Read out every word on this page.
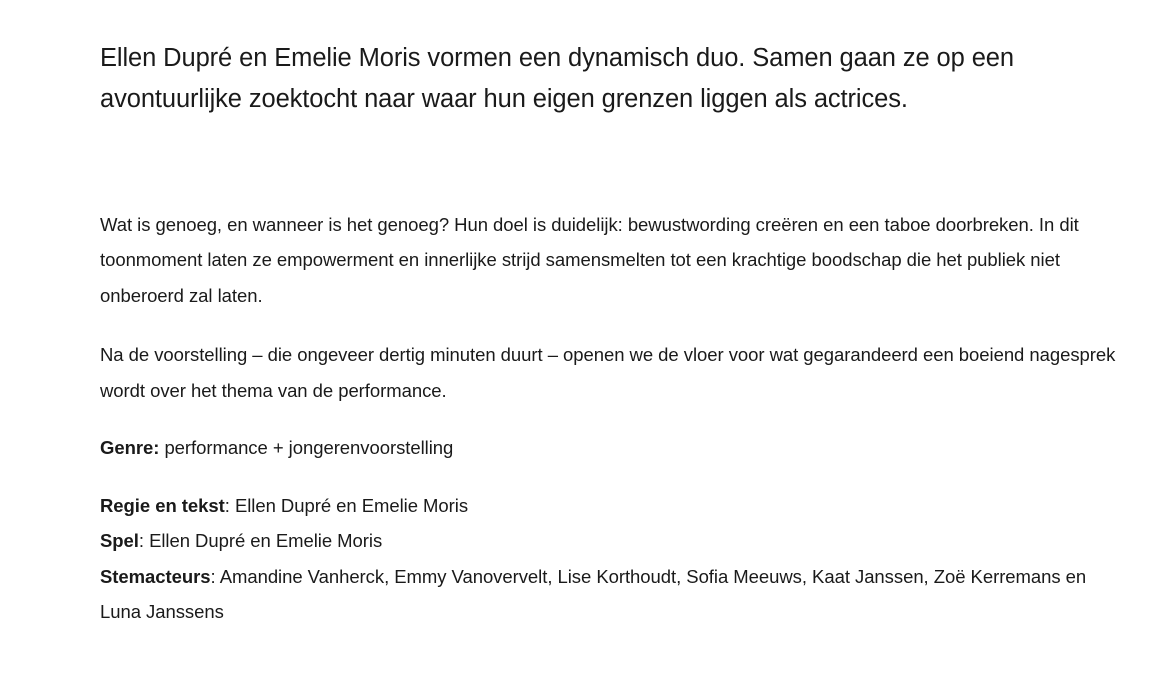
Ellen Dupré en Emelie Moris vormen een dynamisch duo. Samen gaan ze op een avontuurlijke zoektocht naar waar hun eigen grenzen liggen als actrices.

Wat is genoeg, en wanneer is het genoeg? Hun doel is duidelijk: bewustwording creëren en een taboe doorbreken. In dit toonmoment laten ze empowerment en innerlijke strijd samensmelten tot een krachtige boodschap die het publiek niet onberoerd zal laten.

Na de voorstelling – die ongeveer dertig minuten duurt – openen we de vloer voor wat gegarandeerd een boeiend nagesprek wordt over het thema van de performance.

Genre: performance + jongerenvoorstelling

Regie en tekst: Ellen Dupré en Emelie Moris
Spel: Ellen Dupré en Emelie Moris
Stemacteurs: Amandine Vanherck, Emmy Vanovervelt, Lise Korthoudt, Sofia Meeuws, Kaat Janssen, Zoë Kerremans en Luna Janssens
